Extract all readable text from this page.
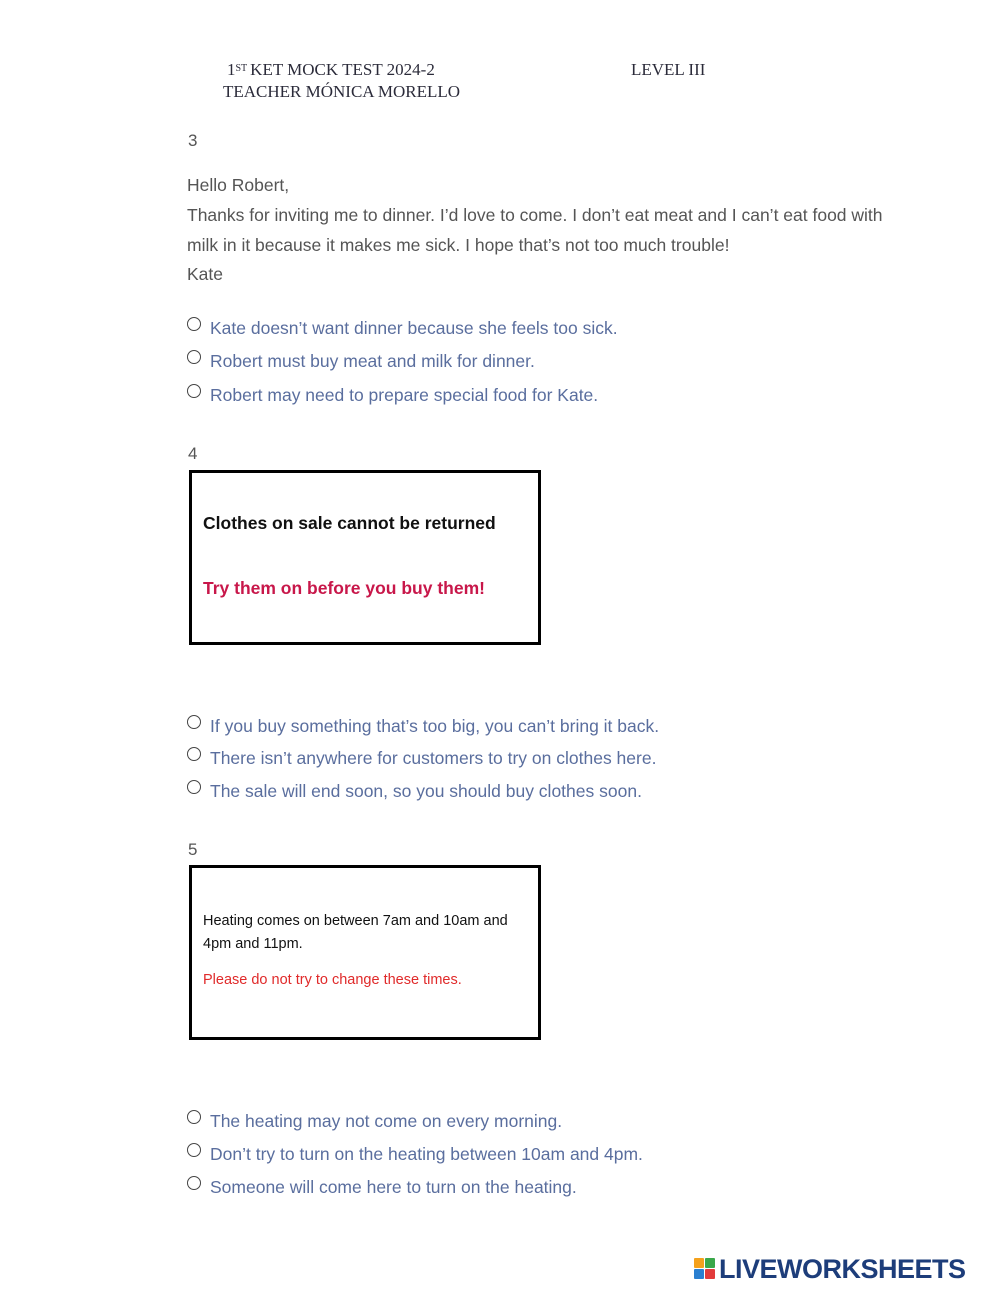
1ST KET MOCK TEST 2024-2	LEVEL III
TEACHER MÓNICA MORELLO
3

Hello Robert,

Thanks for inviting me to dinner. I’d love to come. I don’t eat meat and I can’t eat food with

milk in it because it makes me sick. I hope that’s not too much trouble!

Kate

Kate doesn’t want dinner because she feels too sick.
Robert must buy meat and milk for dinner.
Robert may need to prepare special food for Kate.
4
Clothes on sale cannot be returned
Try them on before you buy them!
If you buy something that’s too big, you can’t bring it back.
There isn’t anywhere for customers to try on clothes here.
The sale will end soon, so you should buy clothes soon.
5
Heating comes on between 7am and 10am and 4pm and 11pm.
Please do not try to change these times.
The heating may not come on every morning.
Don’t try to turn on the heating between 10am and 4pm.
Someone will come here to turn on the heating.
LIVEWORKSHEETS
